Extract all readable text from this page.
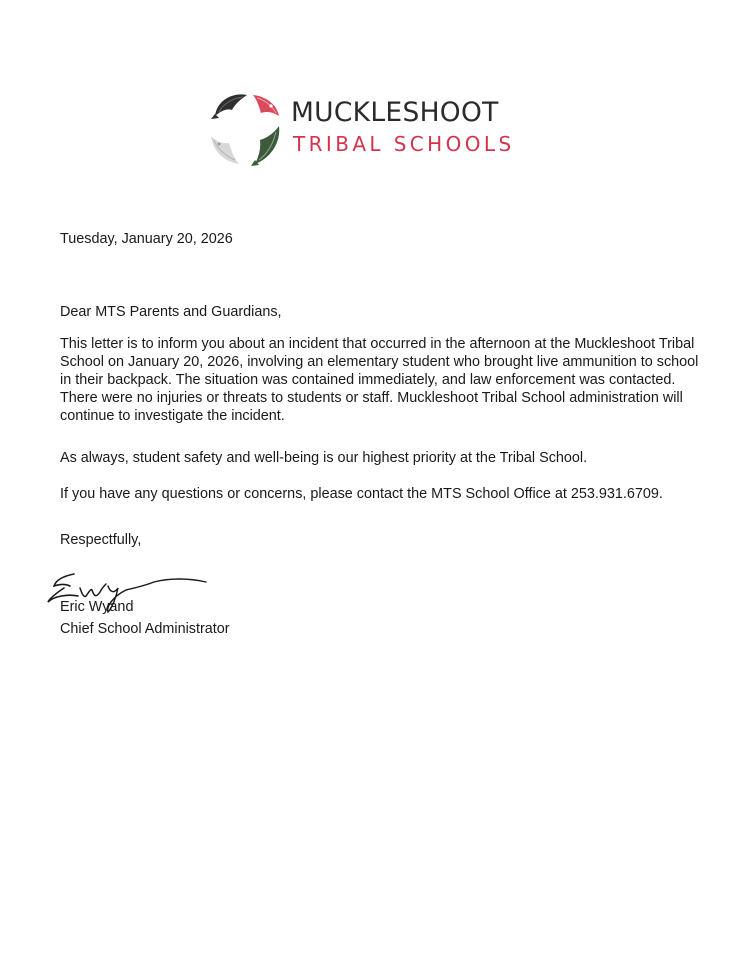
MUCKLESHOOT
TRIBAL SCHOOLS
Tuesday, January 20, 2026
Dear MTS Parents and Guardians,

This letter is to inform you about an incident that occurred in the afternoon at the Muckleshoot Tribal School on January 20, 2026, involving an elementary student who brought live ammunition to school in their backpack. The situation was contained immediately, and law enforcement was contacted. There were no injuries or threats to students or staff. Muckleshoot Tribal School administration will continue to investigate the incident.

As always, student safety and well-being is our highest priority at the Tribal School.

If you have any questions or concerns, please contact the MTS School Office at 253.931.6709.

Respectfully,
Eric Wyand
Chief School Administrator
